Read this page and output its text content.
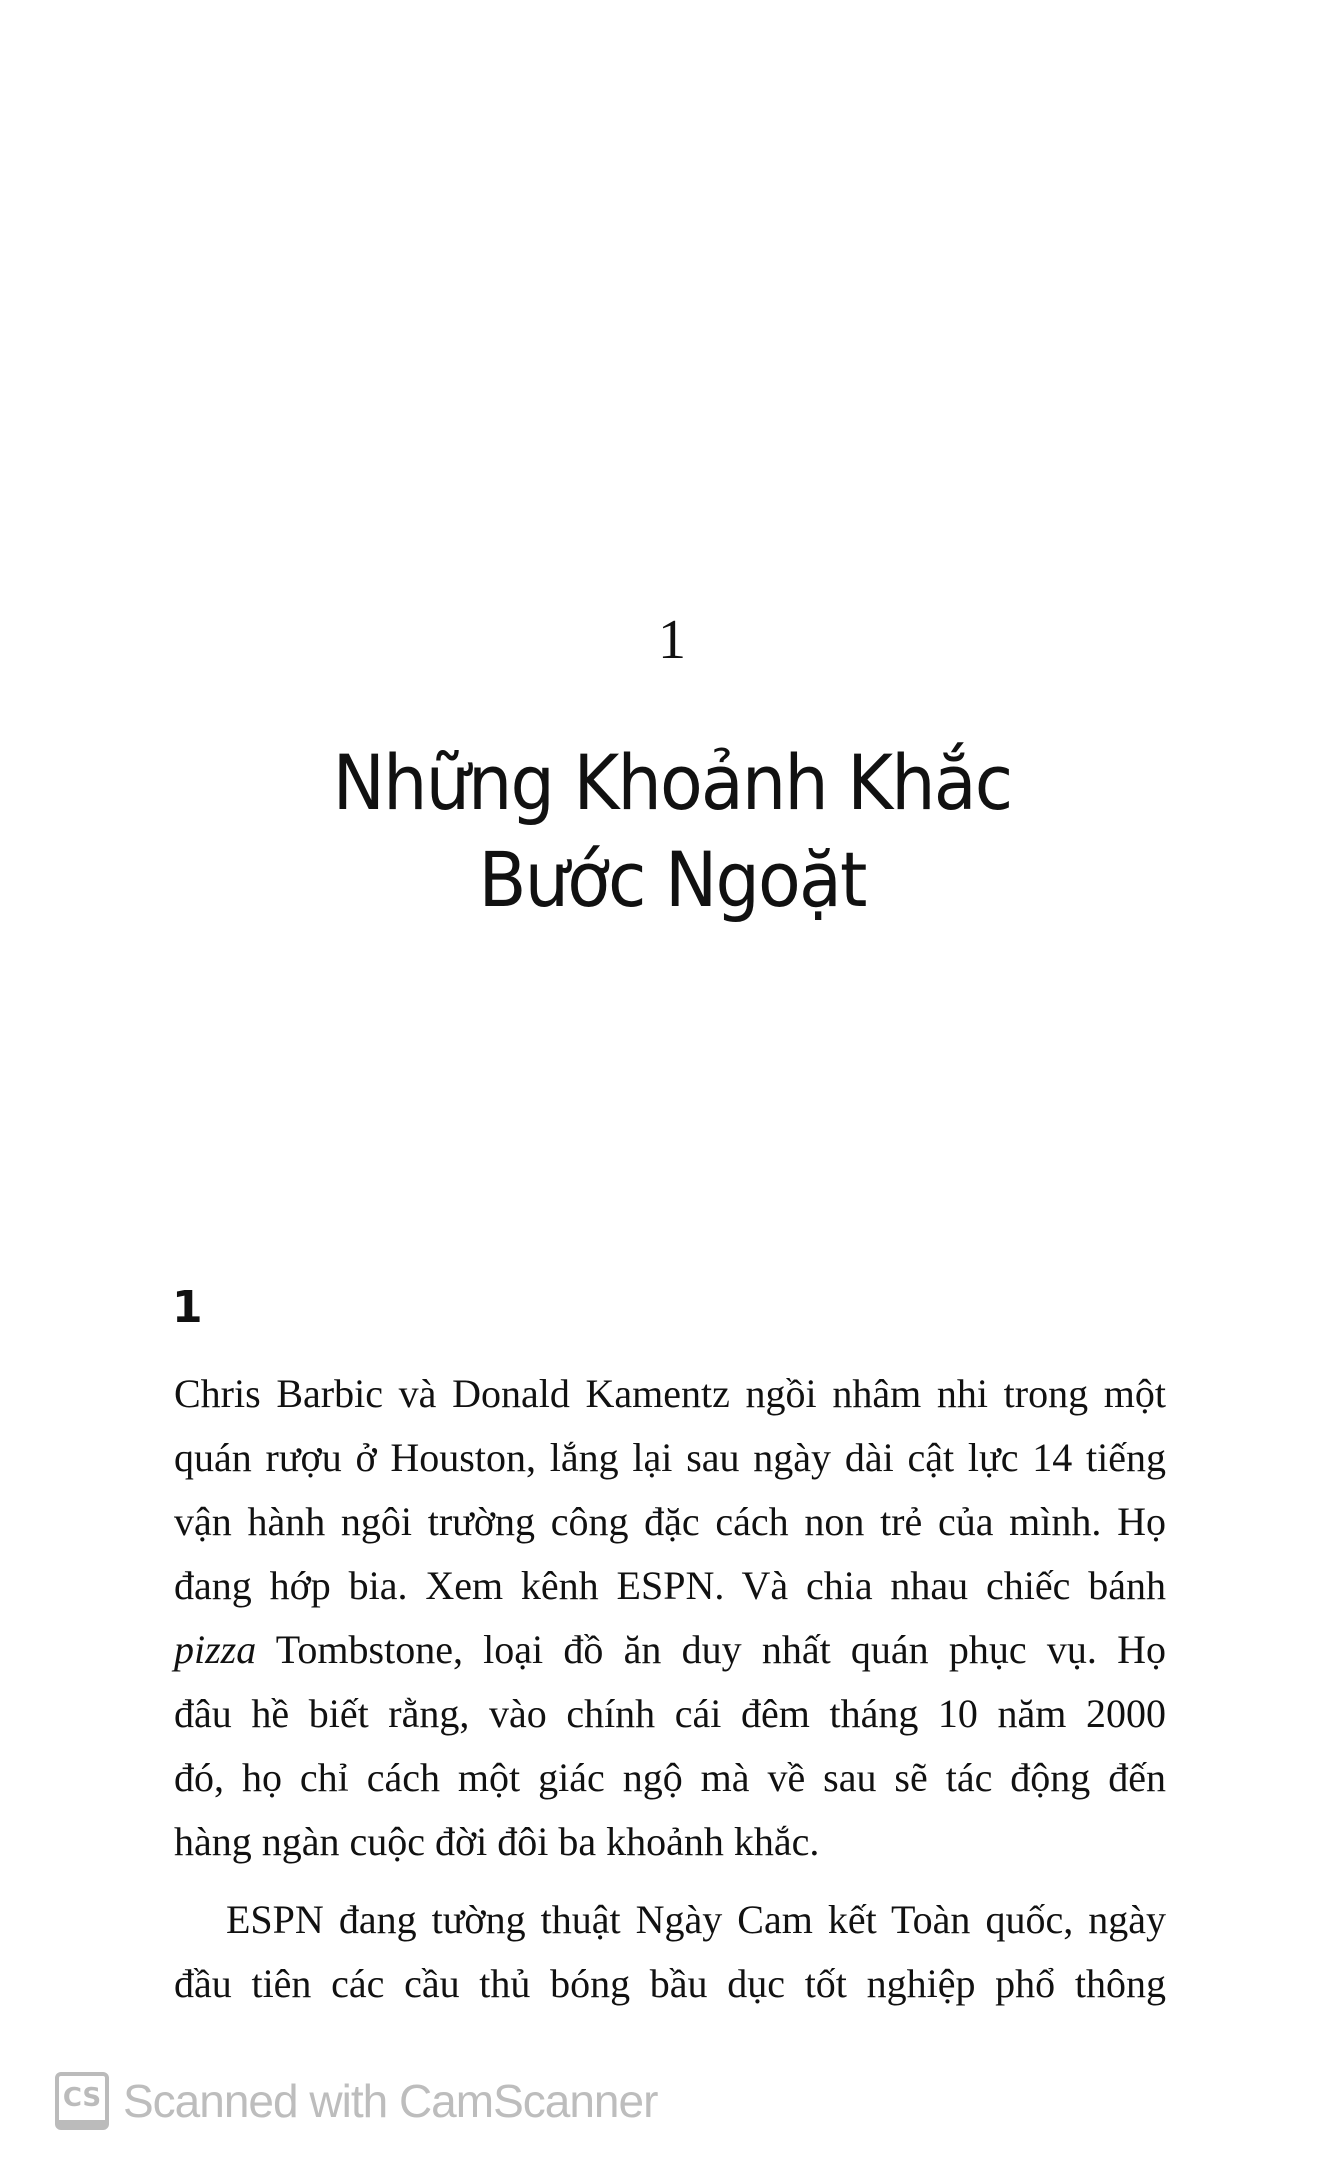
1
Những Khoảnh Khắc
Bước Ngoặt
1
Chris Barbic và Donald Kamentz ngồi nhâm nhi trong một
quán rượu ở Houston, lắng lại sau ngày dài cật lực 14 tiếng
vận hành ngôi trường công đặc cách non trẻ của mình. Họ
đang hớp bia. Xem kênh ESPN. Và chia nhau chiếc bánh
pizza Tombstone, loại đồ ăn duy nhất quán phục vụ. Họ
đâu hề biết rằng, vào chính cái đêm tháng 10 năm 2000
đó, họ chỉ cách một giác ngộ mà về sau sẽ tác động đến
hàng ngàn cuộc đời đôi ba khoảnh khắc.
ESPN đang tường thuật Ngày Cam kết Toàn quốc, ngày
đầu tiên các cầu thủ bóng bầu dục tốt nghiệp phổ thông
CS Scanned with CamScanner
